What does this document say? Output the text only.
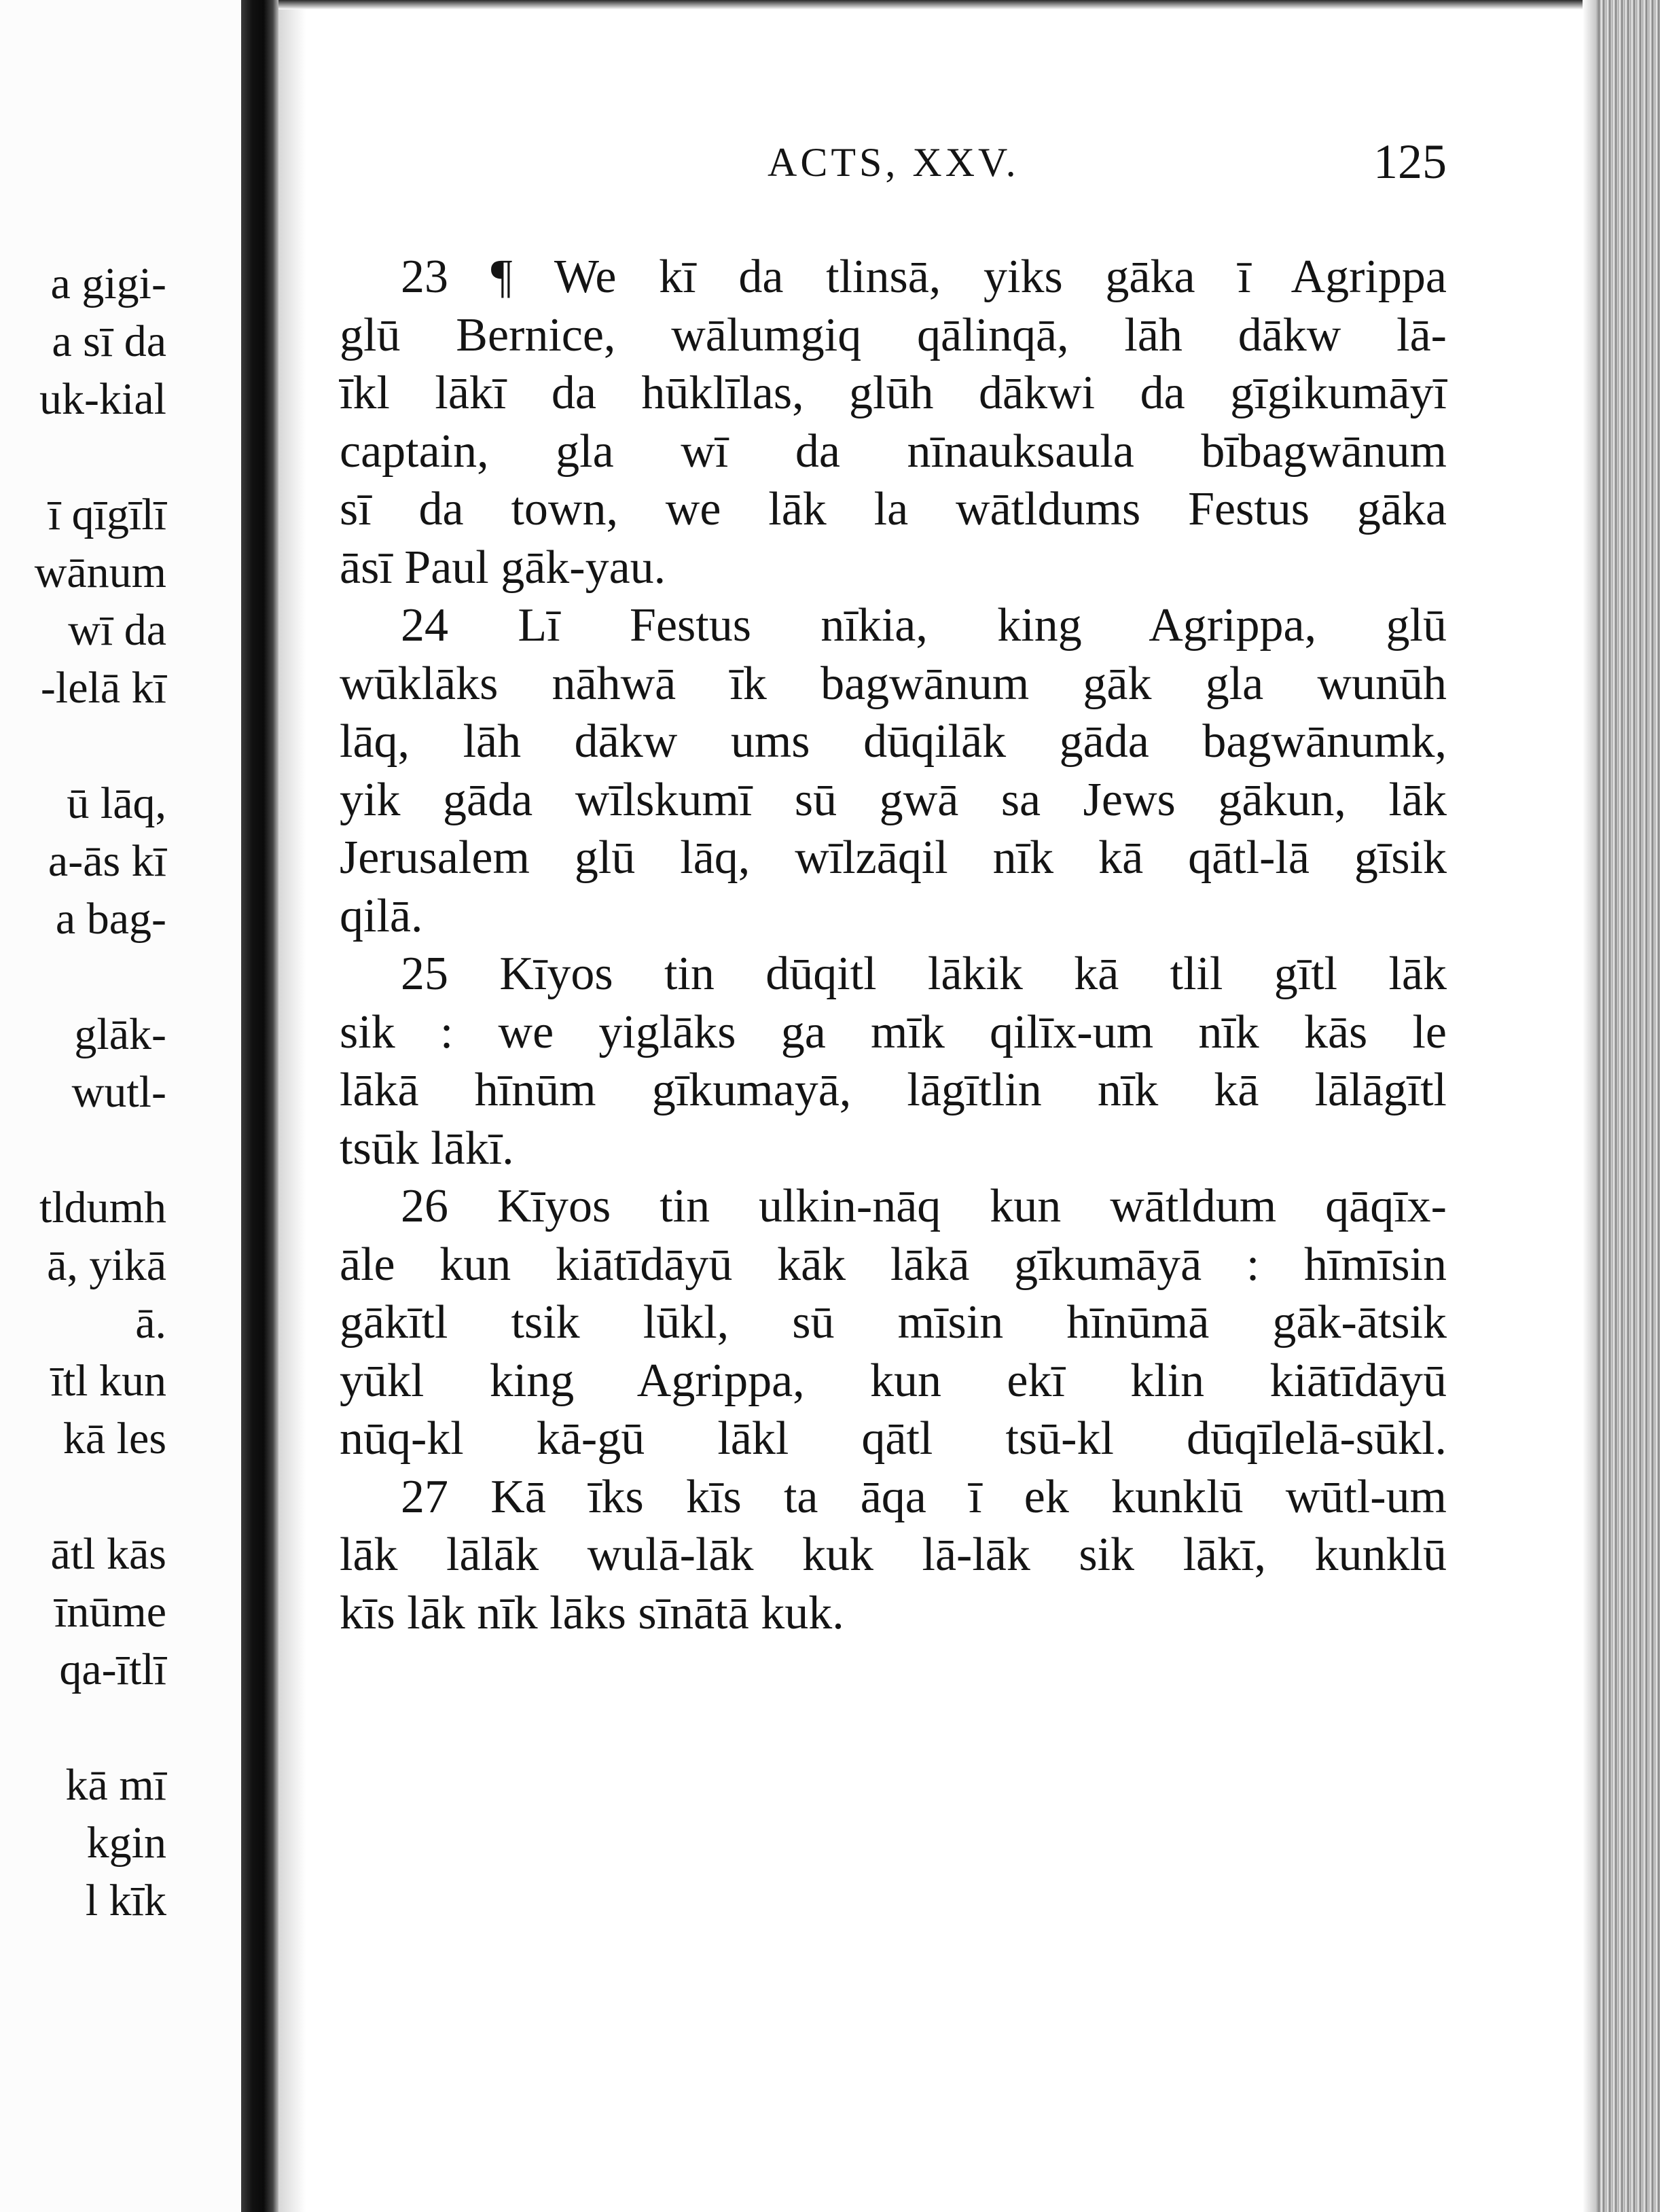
a gigi-
a sī da
uk-kial
ī qīgīlī
wānum
wī da
-lelā kī
ū lāq,
a-ās kī
a bag-
glāk-
wutl-
tldumh
ā, yikā
ā.
ītl kun
kā les
ātl kās
īnūme
qa-ītlī
kā mī
kgin
l kīk
ACTS, XXV.	125
23 ¶ We kī da tlinsā, yiks gāka ī Agrippa
glū Bernice, wālumgiq qālinqā, lāh dākw lā-
īkl lākī da hūklīlas, glūh dākwi da gīgikumāyī
captain, gla wī da nīnauksaula bībagwānum
sī da town, we lāk la wātldums Festus gāka
āsī Paul gāk-yau.
24 Lī Festus nīkia, king Agrippa, glū
wūklāks nāhwā īk bagwānum gāk gla wunūh
lāq, lāh dākw ums dūqilāk gāda bagwānumk,
yik gāda wīlskumī sū gwā sa Jews gākun, lāk
Jerusalem glū lāq, wīlzāqil nīk kā qātl-lā gīsik
qilā.
25 Kīyos tin dūqitl lākik kā tlil gītl lāk
sik : we yiglāks ga mīk qilīx-um nīk kās le
lākā hīnūm gīkumayā, lāgītlin nīk kā lālāgītl
tsūk lākī.
26 Kīyos tin ulkin-nāq kun wātldum qāqīx-
āle kun kiātīdāyū kāk lākā gīkumāyā : hīmīsin
gākītl tsik lūkl, sū mīsin hīnūmā gāk-ātsik
yūkl king Agrippa, kun ekī klin kiātīdāyū
nūq-kl kā-gū lākl qātl tsū-kl dūqīlelā-sūkl.
27 Kā īks kīs ta āqa ī ek kunklū wūtl-um
lāk lālāk wulā-lāk kuk lā-lāk sik lākī, kunklū
kīs lāk nīk lāks sīnātā kuk.
